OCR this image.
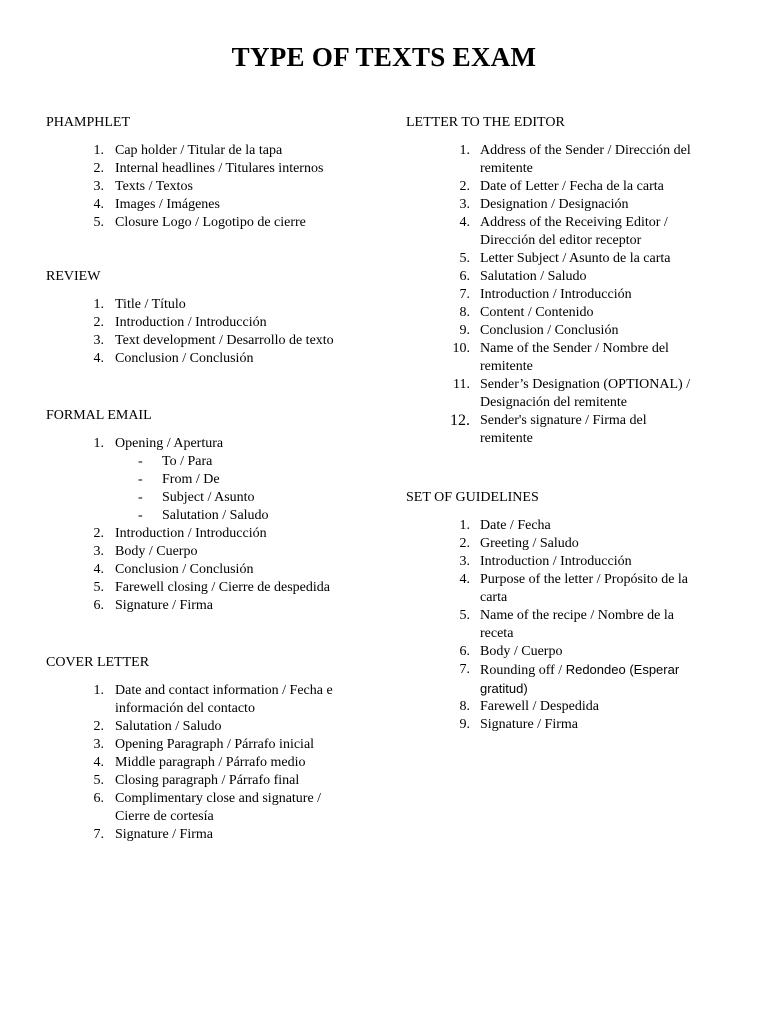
TYPE OF TEXTS EXAM
PHAMPHLET
1. Cap holder / Titular de la tapa
2. Internal headlines / Titulares internos
3. Texts / Textos
4. Images / Imágenes
5. Closure Logo / Logotipo de cierre
REVIEW
1. Title / Título
2. Introduction / Introducción
3. Text development / Desarrollo de texto
4. Conclusion / Conclusión
FORMAL EMAIL
1. Opening / Apertura
- To / Para
- From / De
- Subject / Asunto
- Salutation / Saludo
2. Introduction / Introducción
3. Body / Cuerpo
4. Conclusion / Conclusión
5. Farewell closing / Cierre de despedida
6. Signature / Firma
COVER LETTER
1. Date and contact information / Fecha e
información del contacto
2. Salutation / Saludo
3. Opening Paragraph / Párrafo inicial
4. Middle paragraph / Párrafo medio
5. Closing paragraph / Párrafo final
6. Complimentary close and signature /
Cierre de cortesía
7. Signature / Firma
LETTER TO THE EDITOR
1. Address of the Sender / Dirección del
remitente
2. Date of Letter / Fecha de la carta
3. Designation / Designación
4. Address of the Receiving Editor /
Dirección del editor receptor
5. Letter Subject / Asunto de la carta
6. Salutation / Saludo
7. Introduction / Introducción
8. Content / Contenido
9. Conclusion / Conclusión
10. Name of the Sender / Nombre del
remitente
11. Sender’s Designation (OPTIONAL) /
Designación del remitente
12. Sender's signature / Firma del
remitente
SET OF GUIDELINES
1. Date / Fecha
2. Greeting / Saludo
3. Introduction / Introducción
4. Purpose of the letter / Propósito de la
carta
5. Name of the recipe / Nombre de la
receta
6. Body / Cuerpo
7. Rounding off / Redondeo (Esperar
gratitud)
8. Farewell / Despedida
9. Signature / Firma
